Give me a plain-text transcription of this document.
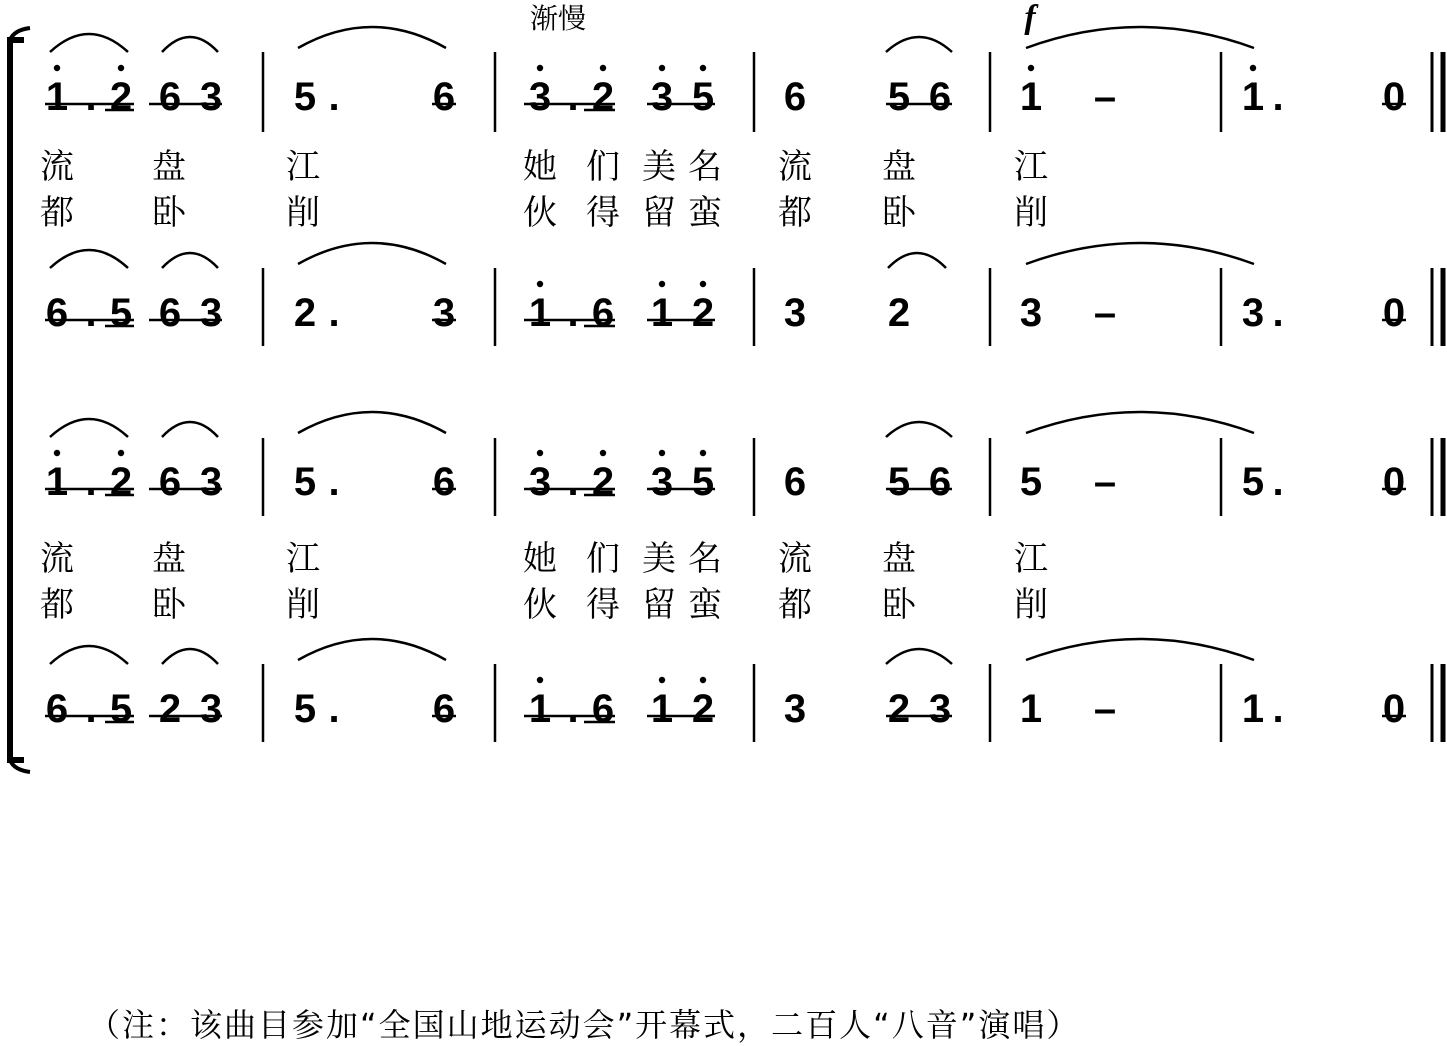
渐慢	f
1 . 2 6 3 5 . 6 3 . 2 3 5 6 5 6 1 –	1 . 0
6 . 5 6 3 2 . 3 1 . 6 1 2 3 2	3 –	3 . 0
流 盘	江	她 们 美 名 流 盘	江
都 卧	削	伙 得 留 蛮 都 卧	削
1 . 2 6 3 5 . 6 3 . 2 3 5 6 5 6 5 –	5 . 0
6 . 5 2 3 5 . 6 1 . 6 1 2 3 2 3 1 –	1 . 0
流 盘	江	她 们 美 名 流 盘	江
都 卧	削	伙 得 留 蛮 都 卧	削
（注：该曲目参加“全国山地运动会”开幕式，二百人“八音”演唱）
